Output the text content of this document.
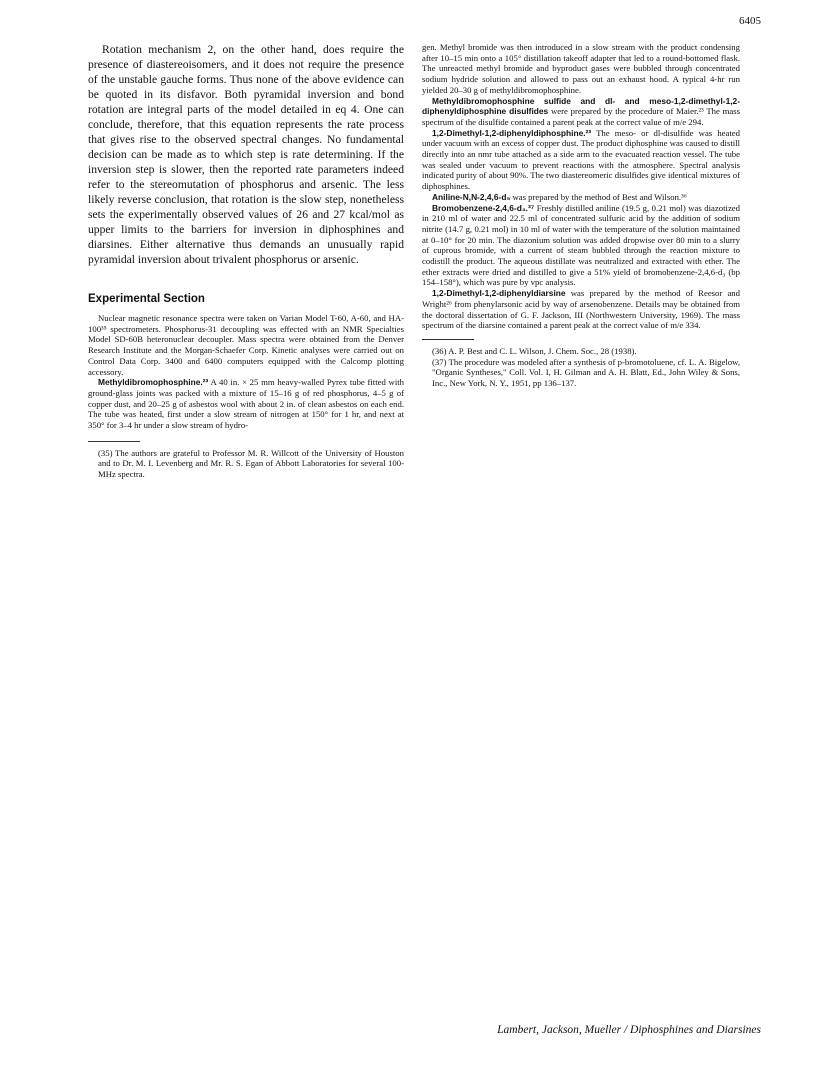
6405

Rotation mechanism 2, on the other hand, does require the presence of diastereoisomers, and it does not require the presence of the unstable gauche forms. Thus none of the above evidence can be quoted in its disfavor. Both pyramidal inversion and bond rotation are integral parts of the model detailed in eq 4. One can conclude, therefore, that this equation represents the rate process that gives rise to the observed spectral changes. No fundamental decision can be made as to which step is rate determining. If the inversion step is slower, then the reported rate parameters indeed refer to the stereomutation of phosphorus and arsenic. The less likely reverse conclusion, that rotation is the slow step, nonetheless sets the experimentally observed values of 26 and 27 kcal/mol as upper limits to the barriers for inversion in diphosphines and diarsines. Either alternative thus demands an unusually rapid pyramidal inversion about trivalent phosphorus or arsenic.

Experimental Section

Nuclear magnetic resonance spectra were taken on Varian Model T-60, A-60, and HA-100³⁵ spectrometers. Phosphorus-31 decoupling was effected with an NMR Specialties Model SD-60B heteronuclear decoupler. Mass spectra were obtained from the Denver Research Institute and the Morgan-Schaefer Corp. Kinetic analyses were carried out on Control Data Corp. 3400 and 6400 computers equipped with the Calcomp plotting accessory.

Methyldibromophosphine.²³ A 40 in. × 25 mm heavy-walled Pyrex tube fitted with ground-glass joints was packed with a mixture of 15–16 g of red phosphorus, 4–5 g of copper dust, and 20–25 g of asbestos wool with about 2 in. of clean asbestos on each end. The tube was heated, first under a slow stream of nitrogen at 150° for 1 hr, and next at 350° for 3–4 hr under a slow stream of hydro-

(35) The authors are grateful to Professor M. R. Willcott of the University of Houston and to Dr. M. I. Levenberg and Mr. R. S. Egan of Abbott Laboratories for several 100-MHz spectra.

gen. Methyl bromide was then introduced in a slow stream with the product condensing after 10–15 min onto a 105° distillation takeoff adapter that led to a round-bottomed flask. The unreacted methyl bromide and byproduct gases were bubbled through concentrated sodium hydride solution and allowed to pass out an exhaust hood. A typical 4-hr run yielded 20–30 g of methyldibromophosphine.

Methyldibromophosphine sulfide and dl- and meso-1,2-dimethyl-1,2-diphenyldiphosphine disulfides were prepared by the procedure of Maier.²³ The mass spectrum of the disulfide contained a parent peak at the correct value of m/e 294.

1,2-Dimethyl-1,2-diphenyldiphosphine.²³ The meso- or dl-disulfide was heated under vacuum with an excess of copper dust. The product diphosphine was caused to distill directly into an nmr tube attached as a side arm to the evacuated reaction vessel. The tube was sealed under vacuum to prevent reactions with the atmosphere. Spectral analysis indicated purity of about 90%. The two diastereomeric disulfides give identical mixtures of diphosphines.

Aniline-N,N-2,4,6-d₅ was prepared by the method of Best and Wilson.³⁶

Bromobenzene-2,4,6-d₃.³⁷ Freshly distilled aniline (19.5 g, 0.21 mol) was diazotized in 210 ml of water and 22.5 ml of concentrated sulfuric acid by the addition of sodium nitrite (14.7 g, 0.21 mol) in 10 ml of water with the temperature of the solution maintained at 0–10° for 20 min. The diazonium solution was added dropwise over 80 min to a slurry of cuprous bromide, with a current of steam bubbled through the reaction mixture to codistill the product. The aqueous distillate was neutralized and extracted with ether. The ether extracts were dried and distilled to give a 51% yield of bromobenzene-2,4,6-d₃ (bp 154–158°), which was pure by vpc analysis.

1,2-Dimethyl-1,2-diphenyldiarsine was prepared by the method of Reesor and Wright²⁶ from phenylarsonic acid by way of arsenobenzene. Details may be obtained from the doctoral dissertation of G. F. Jackson, III (Northwestern University, 1969). The mass spectrum of the diarsine contained a parent peak at the correct value of m/e 334.

(36) A. P. Best and C. L. Wilson, J. Chem. Soc., 28 (1938).

(37) The procedure was modeled after a synthesis of p-bromotoluene, cf. L. A. Bigelow, "Organic Syntheses," Coll. Vol. I, H. Gilman and A. H. Blatt, Ed., John Wiley & Sons, Inc., New York, N. Y., 1951, pp 136–137.

Lambert, Jackson, Mueller / Diphosphines and Diarsines
